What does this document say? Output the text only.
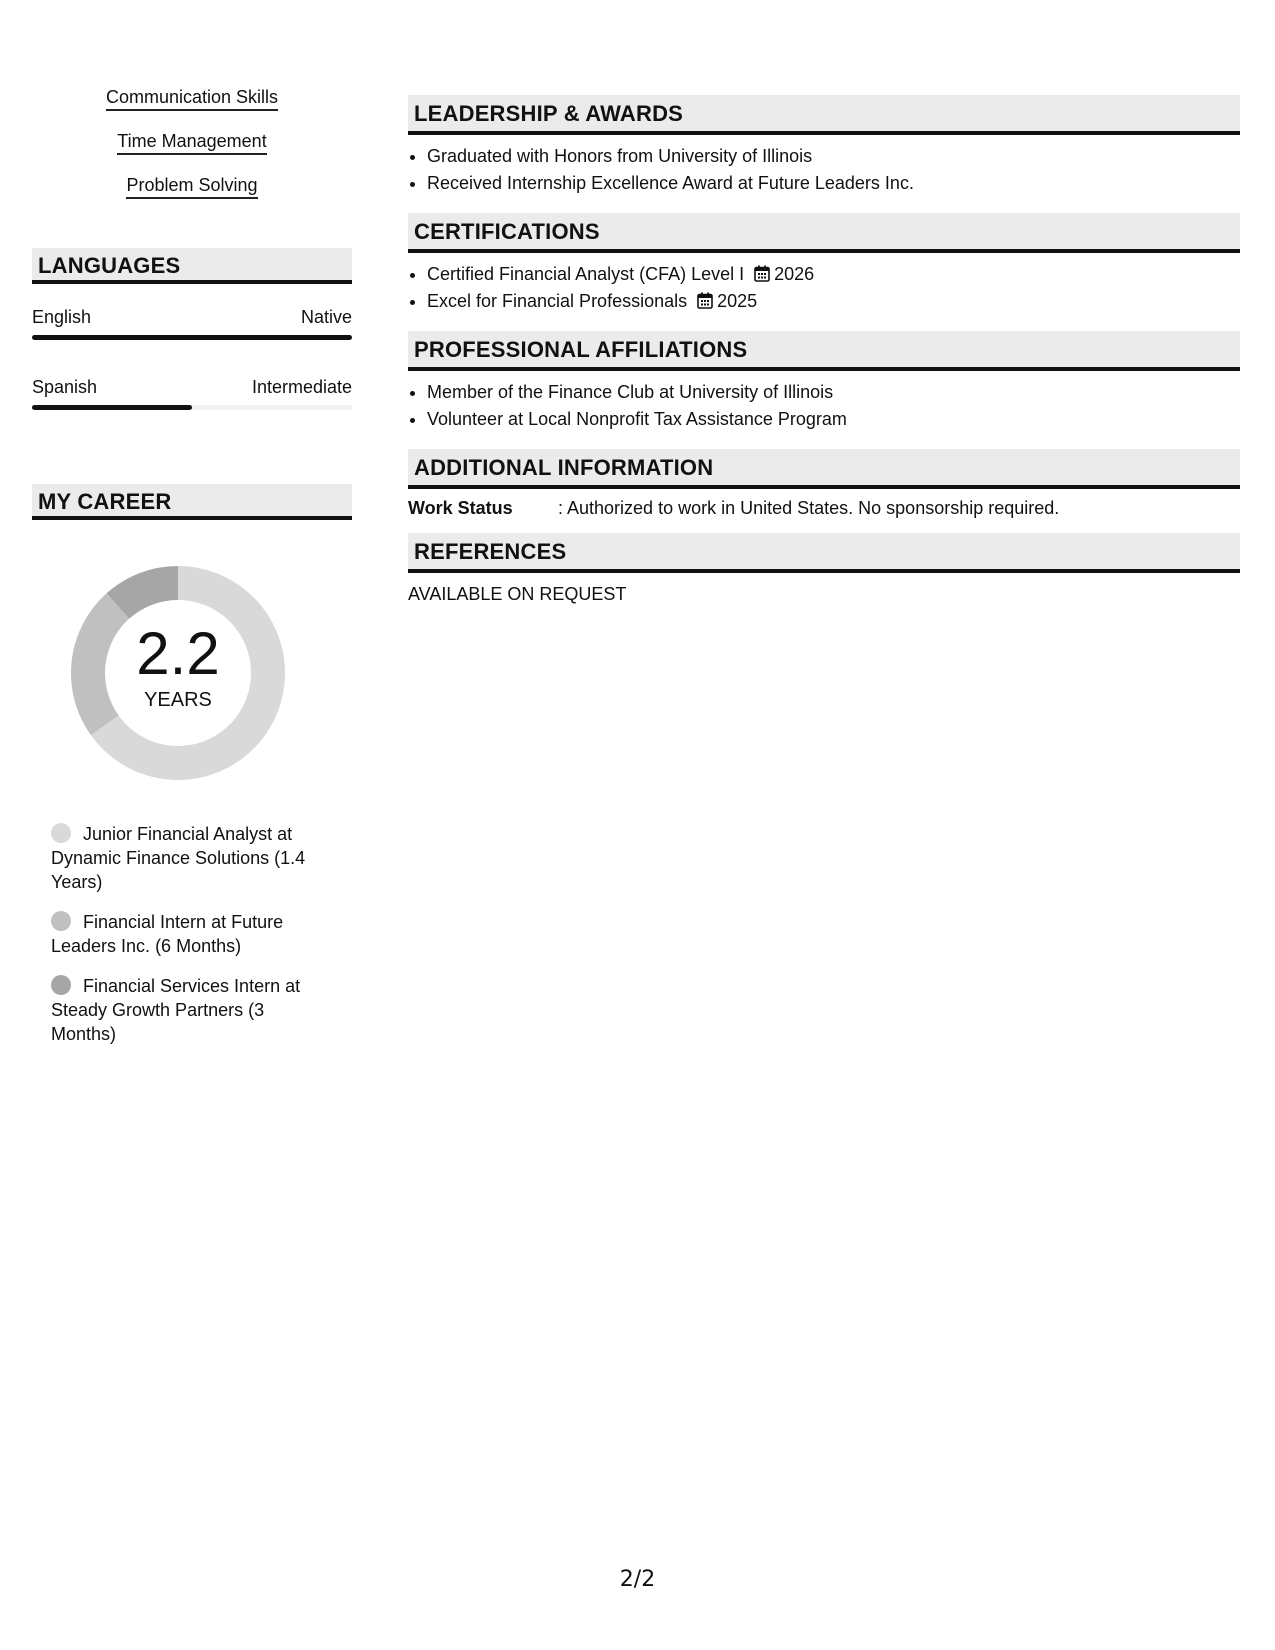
Communication Skills
Time Management
Problem Solving
LANGUAGES
English	Native
Spanish	Intermediate
MY CAREER
2.2
YEARS
Junior Financial Analyst at Dynamic Finance Solutions (1.4 Years)
Financial Intern at Future Leaders Inc. (6 Months)
Financial Services Intern at Steady Growth Partners (3 Months)
LEADERSHIP & AWARDS
• Graduated with Honors from University of Illinois
• Received Internship Excellence Award at Future Leaders Inc.
CERTIFICATIONS
• Certified Financial Analyst (CFA) Level I 2026
• Excel for Financial Professionals 2025
PROFESSIONAL AFFILIATIONS
• Member of the Finance Club at University of Illinois
• Volunteer at Local Nonprofit Tax Assistance Program
ADDITIONAL INFORMATION
Work Status	: Authorized to work in United States. No sponsorship required.
REFERENCES
AVAILABLE ON REQUEST
2/2
